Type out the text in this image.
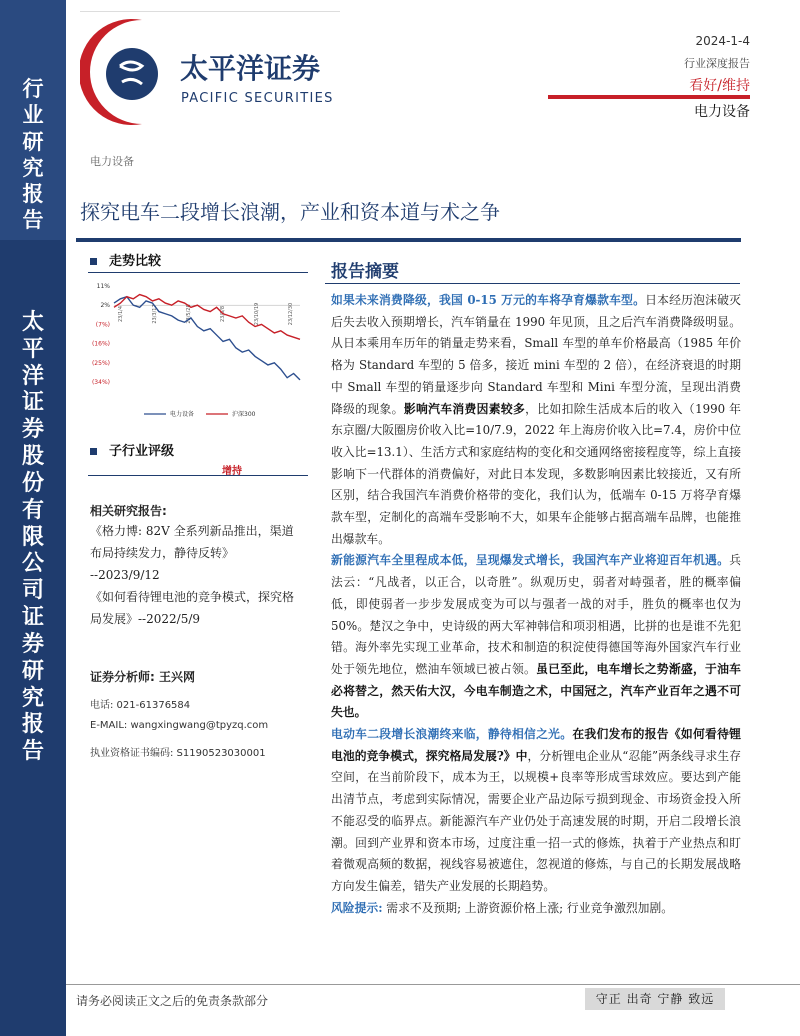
行
业
研
究
报
告
太
平
洋
证
券
股
份
有
限
公
司
证
券
研
究
报
告
太平洋证券
PACIFIC SECURITIES
2024-1-4
行业深度报告
看好/维持
电力设备
电力设备
探究电车二段增长浪潮，产业和资本道与术之争
走势比较
11%
2%
(7%)
(16%)
(25%)
(34%)
23/1/4	23/3/17	23/5/28	23/8/8	23/10/19	23/12/30
电力设备	沪深300
子行业评级
增持
相关研究报告:
《格力博: 82V 全系列新品推出，渠道布局持续发力，静待反转》
--2023/9/12
《如何看待锂电池的竞争模式，探究格局发展》--2022/5/9
证券分析师: 王兴网
电话: 021-61376584
E-MAIL: wangxingwang@tpyzq.com
执业资格证书编码: S1190523030001
报告摘要

如果未来消费降级，我国 0-15 万元的车将孕育爆款车型。日本经历泡沫破灭后失去收入预期增长，汽车销量在 1990 年见顶，且之后汽车消费降级明显。从日本乘用车历年的销量走势来看，Small 车型的单车价格最高（1985 年价格为 Standard 车型的 5 倍多，接近 mini 车型的 2 倍），在经济衰退的时期中 Small 车型的销量逐步向 Standard 车型和 Mini 车型分流，呈现出消费降级的现象。影响汽车消费因素较多，比如扣除生活成本后的收入（1990 年东京圈/大阪圈房价收入比=10/7.9，2022 年上海房价收入比=7.4，房价中位收入比=13.1）、生活方式和家庭结构的变化和交通网络密接程度等，综上直接影响下一代群体的消费偏好，对此日本发现，多数影响因素比较接近，又有所区别，结合我国汽车消费价格带的变化，我们认为，低端车 0-15 万将孕育爆款车型，定制化的高端车受影响不大，如果车企能够占据高端车品牌，也能推出爆款车。

新能源汽车全里程成本低，呈现爆发式增长，我国汽车产业将迎百年机遇。兵法云：“凡战者，以正合，以奇胜”。纵观历史，弱者对峙强者，胜的概率偏低，即使弱者一步步发展成变为可以与强者一战的对手，胜负的概率也仅为 50%。楚汉之争中，史诗级的两大军神韩信和项羽相遇，比拼的也是谁不先犯错。海外率先实现工业革命，技术和制造的积淀使得德国等海外国家汽车行业处于领先地位，燃油车领域已被占领。虽已至此，电车增长之势渐盛，于油车必将替之，然天佑大汉，今电车制造之术，中国冠之，汽车产业百年之遇不可失也。

电动车二段增长浪潮终来临，静待相信之光。在我们发布的报告《如何看待锂电池的竞争模式，探究格局发展?》中，分析锂电企业从“忍能”两条线寻求生存空间，在当前阶段下，成本为王，以规模+良率等形成雪球效应。要达到产能出清节点，考虑到实际情况，需要企业产品边际亏损到现金、市场资金投入所不能忍受的临界点。新能源汽车产业仍处于高速发展的时期，开启二段增长浪潮。回到产业界和资本市场，过度注重一招一式的修炼，执着于产业热点和盯着微观高频的数据，视线容易被遮住，忽视道的修炼，与自己的长期发展战略方向发生偏差，错失产业发展的长期趋势。

风险提示: 需求不及预期; 上游资源价格上涨; 行业竞争激烈加剧。

请务必阅读正文之后的免责条款部分	守正 出奇 宁静 致远
